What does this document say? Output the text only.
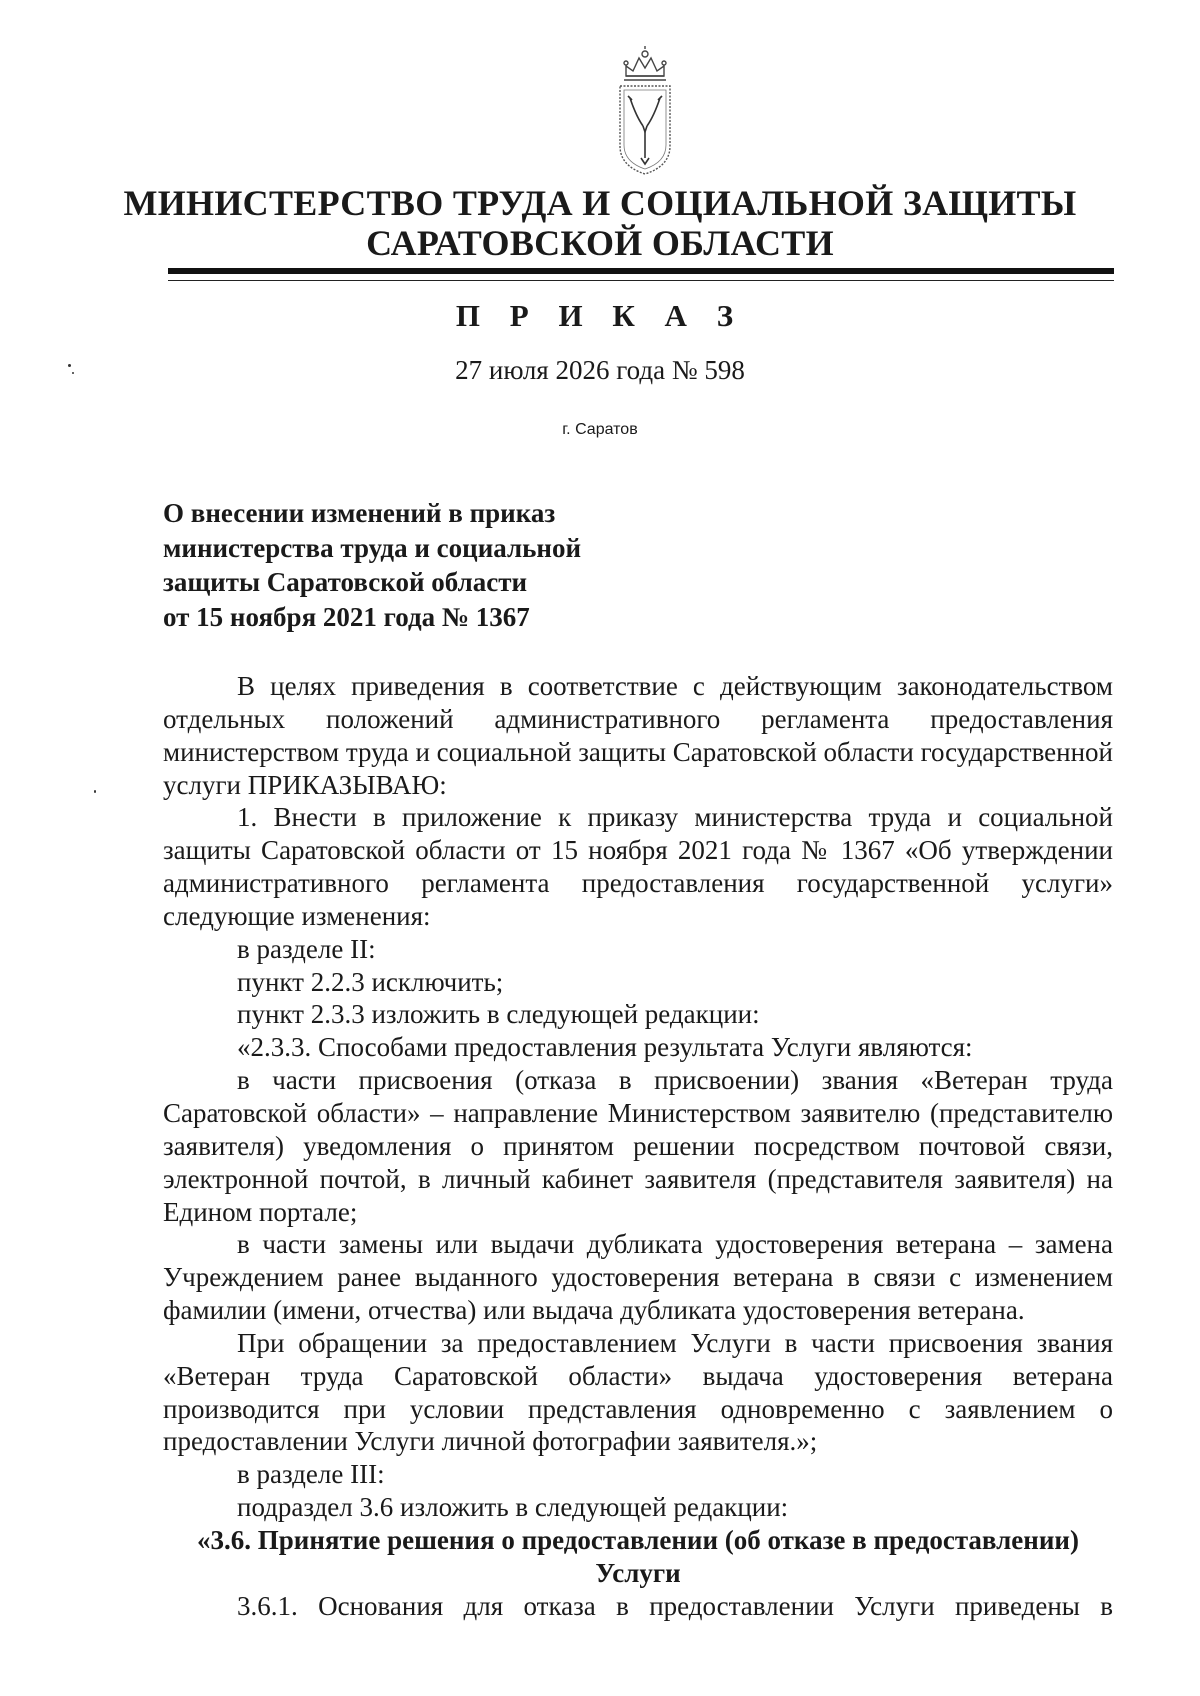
МИНИСТЕРСТВО ТРУДА И СОЦИАЛЬНОЙ ЗАЩИТЫ
САРАТОВСКОЙ ОБЛАСТИ
П Р И К А З
27 июля 2026 года № 598
г. Саратов
О внесении изменений в приказ
министерства труда и социальной
защиты Саратовской области
от 15 ноября 2021 года № 1367

В целях приведения в соответствие с действующим законодательством отдельных положений административного регламента предоставления министерством труда и социальной защиты Саратовской области государственной услуги ПРИКАЗЫВАЮ:

1. Внести в приложение к приказу министерства труда и социальной защиты Саратовской области от 15 ноября 2021 года № 1367 «Об утверждении административного регламента предоставления государственной услуги» следующие изменения:

в разделе II:

пункт 2.2.3 исключить;

пункт 2.3.3 изложить в следующей редакции:

«2.3.3. Способами предоставления результата Услуги являются:

в части присвоения (отказа в присвоении) звания «Ветеран труда Саратовской области» – направление Министерством заявителю (представителю заявителя) уведомления о принятом решении посредством почтовой связи, электронной почтой, в личный кабинет заявителя (представителя заявителя) на Едином портале;

в части замены или выдачи дубликата удостоверения ветерана – замена Учреждением ранее выданного удостоверения ветерана в связи с изменением фамилии (имени, отчества) или выдача дубликата удостоверения ветерана.

При обращении за предоставлением Услуги в части присвоения звания «Ветеран труда Саратовской области» выдача удостоверения ветерана производится при условии представления одновременно с заявлением о предоставлении Услуги личной фотографии заявителя.»;

в разделе III:

подраздел 3.6 изложить в следующей редакции:

«3.6. Принятие решения о предоставлении (об отказе в предоставлении) Услуги

3.6.1. Основания для отказа в предоставлении Услуги приведены в
